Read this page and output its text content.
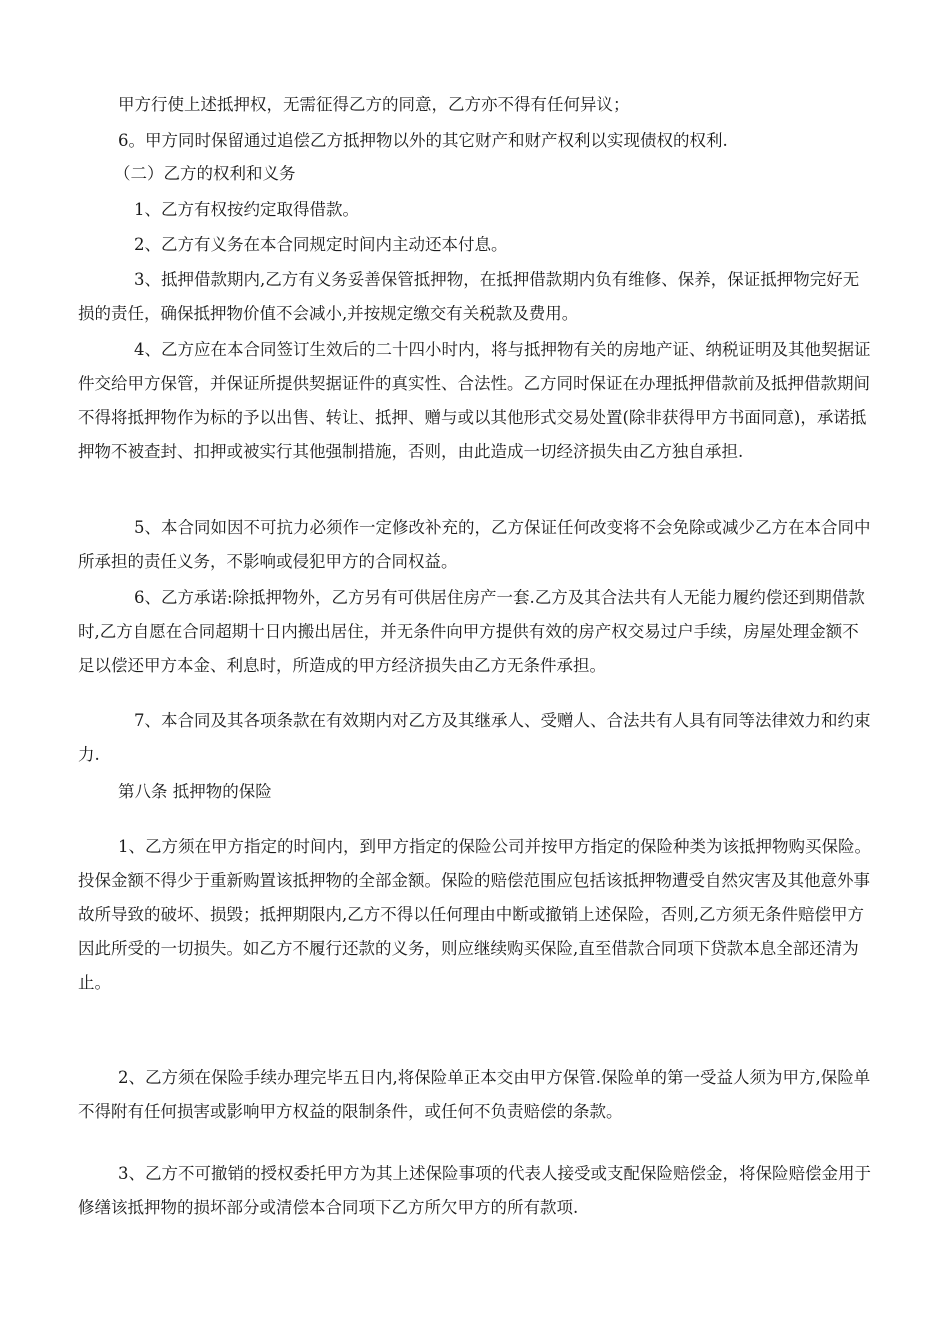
甲方行使上述抵押权，无需征得乙方的同意，乙方亦不得有任何异议；

6。甲方同时保留通过追偿乙方抵押物以外的其它财产和财产权利以实现债权的权利.

（二）乙方的权利和义务

1、乙方有权按约定取得借款。

2、乙方有义务在本合同规定时间内主动还本付息。

3、抵押借款期内,乙方有义务妥善保管抵押物，在抵押借款期内负有维修、保养，保证抵押物完好无损的责任，确保抵押物价值不会减小,并按规定缴交有关税款及费用。

4、乙方应在本合同签订生效后的二十四小时内，将与抵押物有关的房地产证、纳税证明及其他契据证件交给甲方保管，并保证所提供契据证件的真实性、合法性。乙方同时保证在办理抵押借款前及抵押借款期间不得将抵押物作为标的予以出售、转让、抵押、赠与或以其他形式交易处置(除非获得甲方书面同意)，承诺抵押物不被查封、扣押或被实行其他强制措施，否则，由此造成一切经济损失由乙方独自承担.

5、本合同如因不可抗力必须作一定修改补充的，乙方保证任何改变将不会免除或减少乙方在本合同中所承担的责任义务，不影响或侵犯甲方的合同权益。

6、乙方承诺:除抵押物外，乙方另有可供居住房产一套.乙方及其合法共有人无能力履约偿还到期借款时,乙方自愿在合同超期十日内搬出居住，并无条件向甲方提供有效的房产权交易过户手续，房屋处理金额不足以偿还甲方本金、利息时，所造成的甲方经济损失由乙方无条件承担。

7、本合同及其各项条款在有效期内对乙方及其继承人、受赠人、合法共有人具有同等法律效力和约束力.

第八条 抵押物的保险

1、乙方须在甲方指定的时间内，到甲方指定的保险公司并按甲方指定的保险种类为该抵押物购买保险。投保金额不得少于重新购置该抵押物的全部金额。保险的赔偿范围应包括该抵押物遭受自然灾害及其他意外事故所导致的破坏、损毁；抵押期限内,乙方不得以任何理由中断或撤销上述保险，否则,乙方须无条件赔偿甲方因此所受的一切损失。如乙方不履行还款的义务，则应继续购买保险,直至借款合同项下贷款本息全部还清为止。

2、乙方须在保险手续办理完毕五日内,将保险单正本交由甲方保管.保险单的第一受益人须为甲方,保险单不得附有任何损害或影响甲方权益的限制条件，或任何不负责赔偿的条款。

3、乙方不可撤销的授权委托甲方为其上述保险事项的代表人接受或支配保险赔偿金，将保险赔偿金用于修缮该抵押物的损坏部分或清偿本合同项下乙方所欠甲方的所有款项.
